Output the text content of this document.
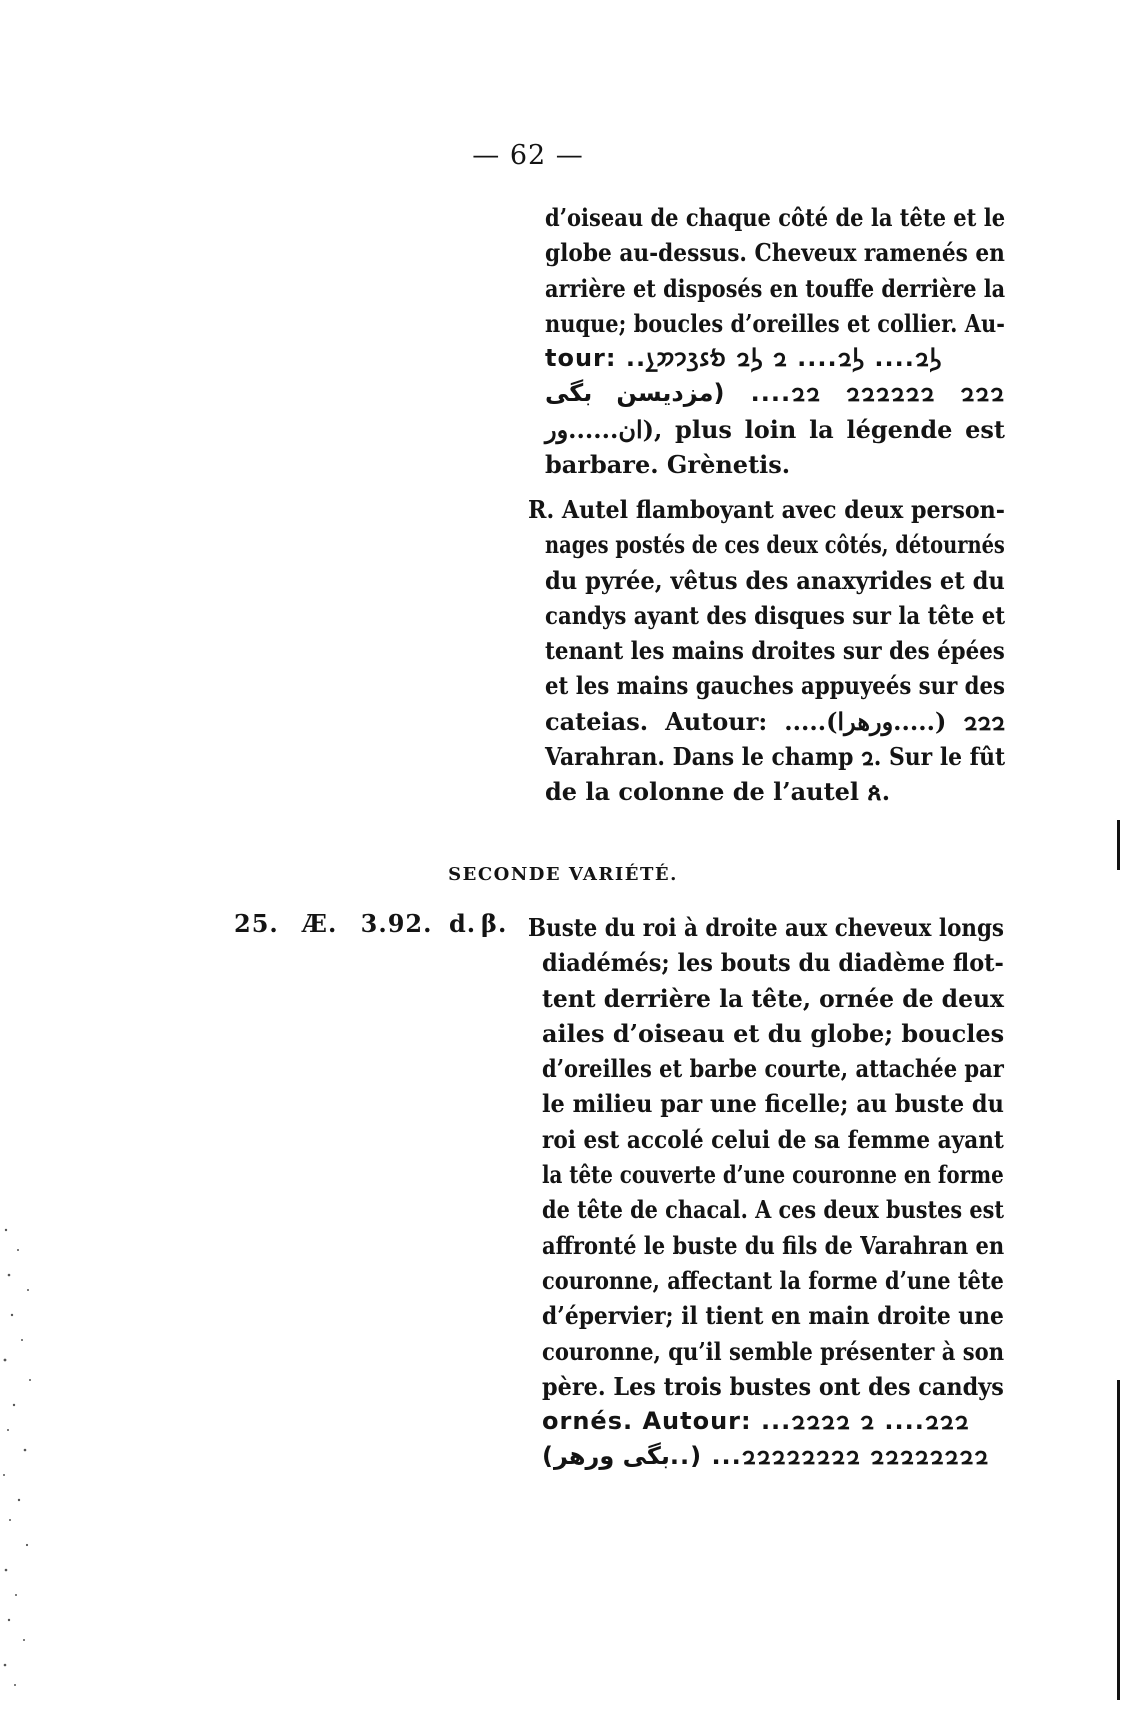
— 62 —
d’oiseau de chaque côté de la tête et le
globe au-dessus. Cheveux ramenés en
arrière et disposés en touffe derrière la
nuque; boucles d’oreilles et collier. Au-
tour: ..𐭫𐭥.... 𐭫𐭥.... 𐭥 𐭫𐭥 𐭬𐭦𐭣𐭩𐭮𐭭
𐭥𐭥𐭥 𐭥𐭥𐭥𐭥𐭥𐭥 𐭥𐭥.... (مزدیسن بگی
ان......ور), plus loin la légende est
barbare. Grènetis.
R. Autel flamboyant avec deux person-
nages postés de ces deux côtés, détournés
du pyrée, vêtus des anaxyrides et du
candys ayant des disques sur la tête et
tenant les mains droites sur des épées
et les mains gauches appuyeés sur des
cateias. Autour: .....𐭥𐭥𐭥 (.....ورهرا)
Varahran. Dans le champ 𐭥. Sur le fût
de la colonne de l’autel ጰ.
SECONDE VARIÉTÉ.
25. Æ. 3.92. d. β. Buste du roi à droite aux cheveux longs
diadémés; les bouts du diadème flot-
tent derrière la tête, ornée de deux
ailes d’oiseau et du globe; boucles
d’oreilles et barbe courte, attachée par
le milieu par une ficelle; au buste du
roi est accolé celui de sa femme ayant
la tête couverte d’une couronne en forme
de tête de chacal. A ces deux bustes est
affronté le buste du fils de Varahran en
couronne, affectant la forme d’une tête
d’épervier; il tient en main droite une
couronne, qu’il semble présenter à son
père. Les trois bustes ont des candys
ornés. Autour: ...𐭥𐭥𐭥.... 𐭥 𐭥𐭥𐭥𐭥
𐭥𐭥𐭥𐭥𐭥𐭥𐭥𐭥 𐭥𐭥𐭥𐭥𐭥𐭥𐭥𐭥... (..بگی ورهر)
